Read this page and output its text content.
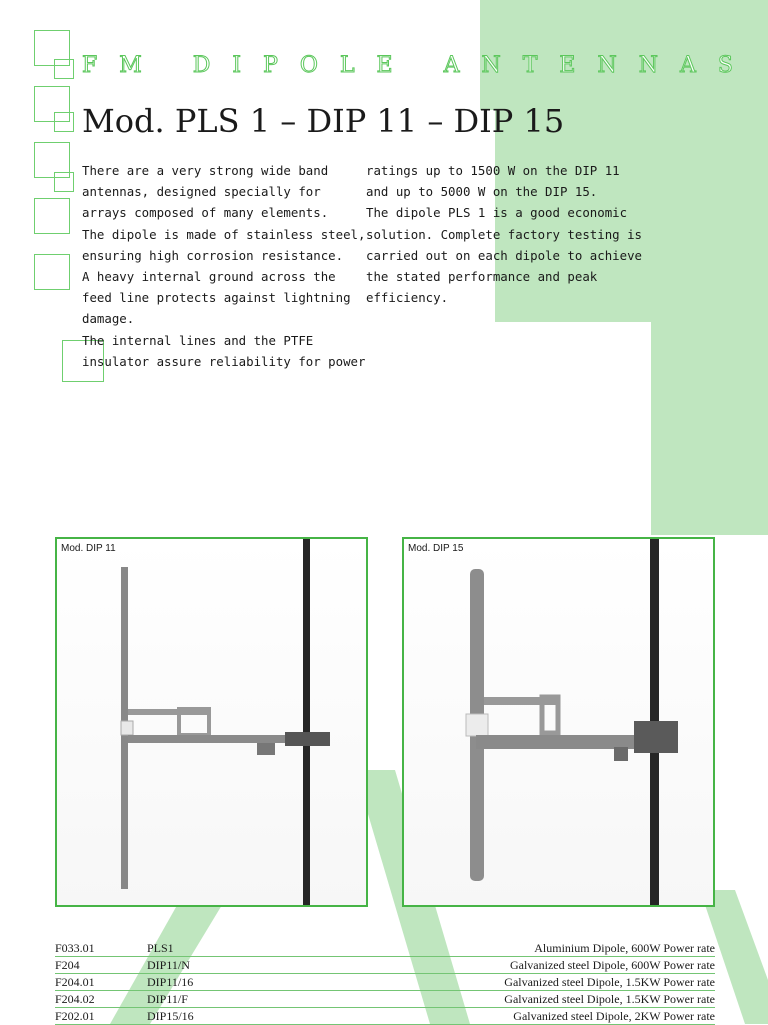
FM DIPOLE ANTENNAS
Mod. PLS 1 – DIP 11 – DIP 15

There are a very strong wide band

antennas, designed specially for

arrays composed of many elements.

The dipole is made of stainless steel,

ensuring high corrosion resistance.

A heavy internal ground across the

feed line protects against lightning

damage.

The internal lines and the PTFE

insulator assure reliability for power

ratings up to 1500 W on the DIP 11

and up to 5000 W on the DIP 15.

The dipole PLS 1 is a good economic

solution. Complete factory testing is

carried out on each dipole to achieve

the stated performance and peak

efficiency.

Mod. DIP 11	Mod. DIP 15
F033.01	PLS1	Aluminium Dipole, 600W Power rate
F204	DIP11/N	Galvanized steel Dipole, 600W Power rate
F204.01	DIP11/16	Galvanized steel Dipole, 1.5KW Power rate
F204.02	DIP11/F	Galvanized steel Dipole, 1.5KW Power rate
F202.01	DIP15/16	Galvanized steel Dipole, 2KW Power rate
